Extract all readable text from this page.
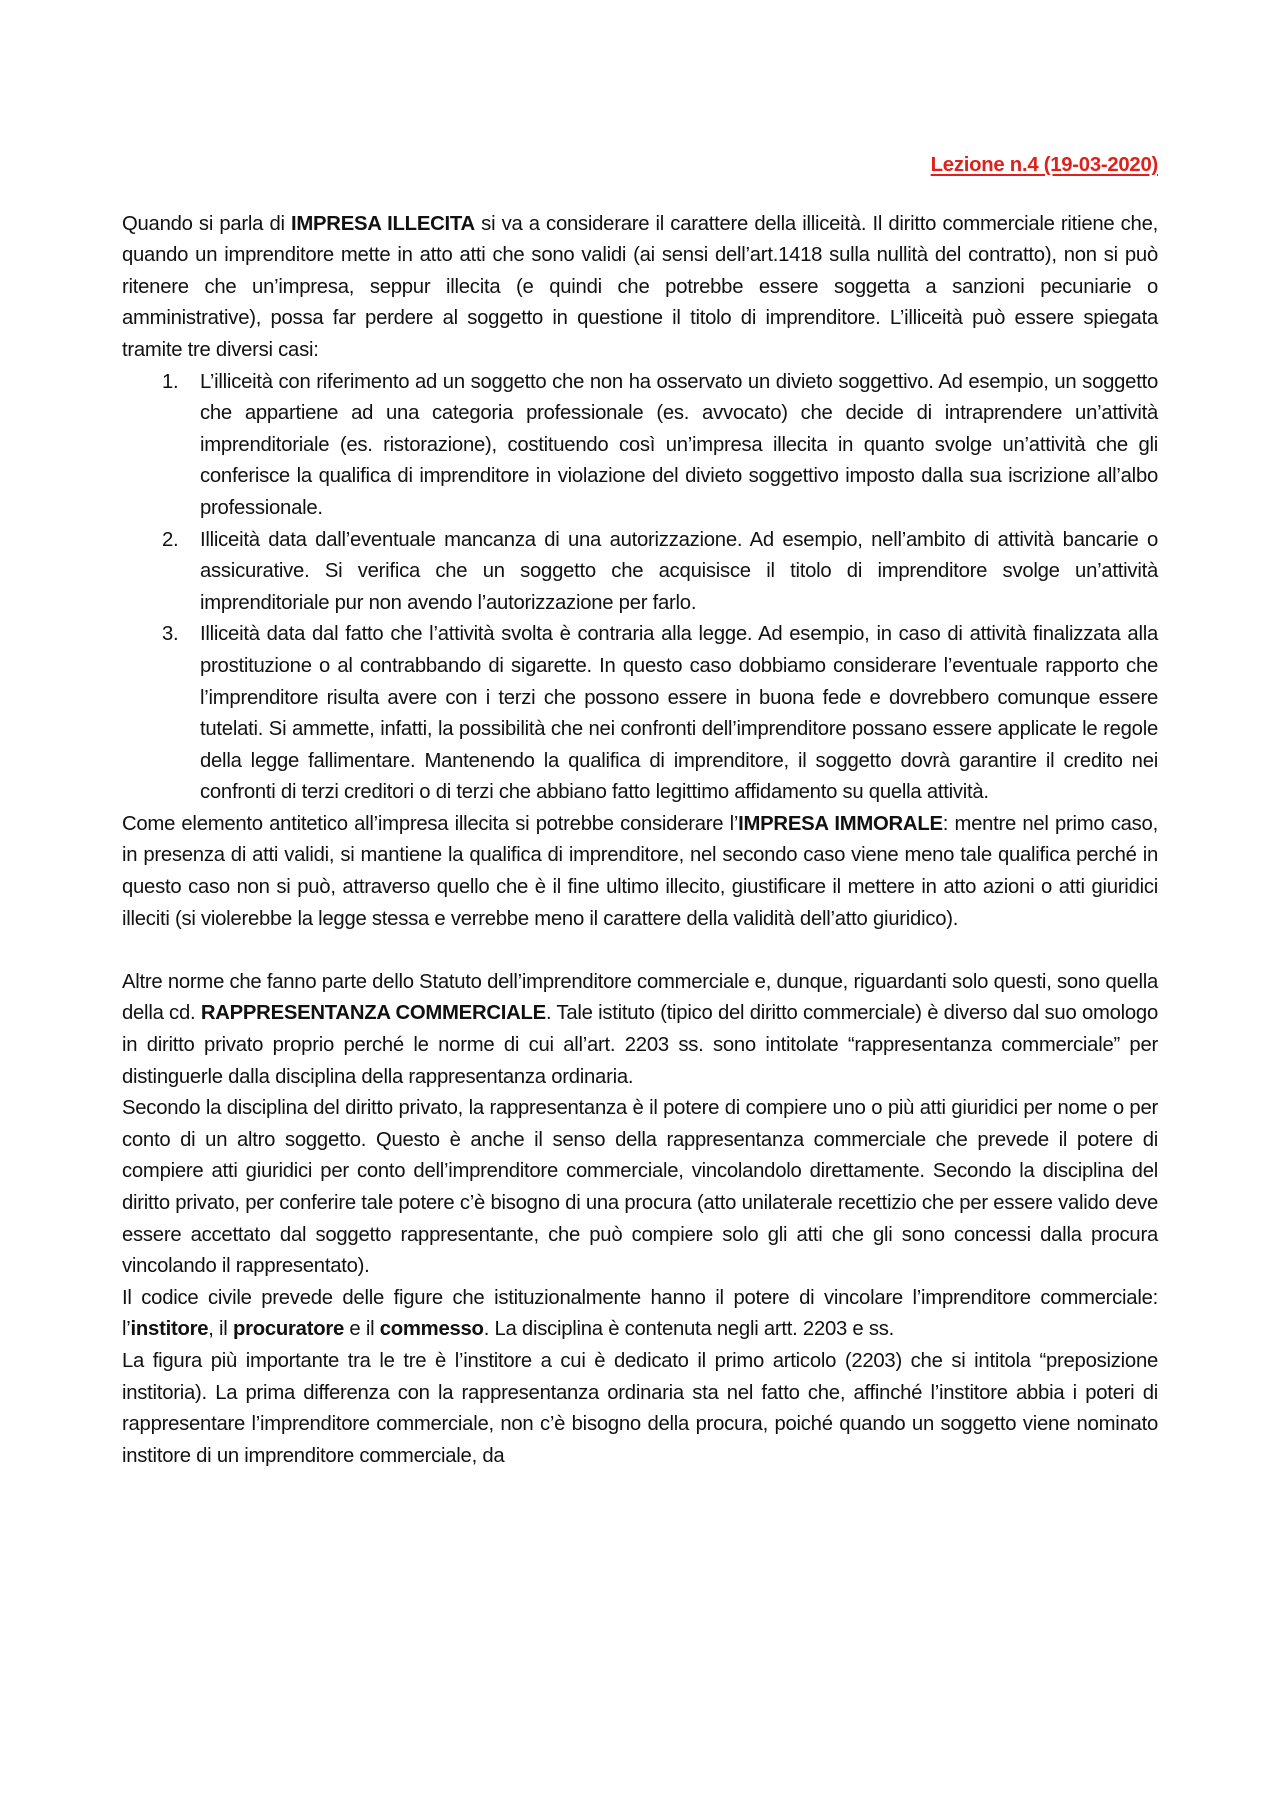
Lezione n.4 (19-03-2020)

Quando si parla di IMPRESA ILLECITA si va a considerare il carattere della illiceità. Il diritto commerciale ritiene che, quando un imprenditore mette in atto atti che sono validi (ai sensi dell’art.1418 sulla nullità del contratto), non si può ritenere che un’impresa, seppur illecita (e quindi che potrebbe essere soggetta a sanzioni pecuniarie o amministrative), possa far perdere al soggetto in questione il titolo di imprenditore. L’illiceità può essere spiegata tramite tre diversi casi:

1. L’illiceità con riferimento ad un soggetto che non ha osservato un divieto soggettivo. Ad esempio, un soggetto che appartiene ad una categoria professionale (es. avvocato) che decide di intraprendere un’attività imprenditoriale (es. ristorazione), costituendo così un’impresa illecita in quanto svolge un’attività che gli conferisce la qualifica di imprenditore in violazione del divieto soggettivo imposto dalla sua iscrizione all’albo professionale.
2. Illiceità data dall’eventuale mancanza di una autorizzazione. Ad esempio, nell’ambito di attività bancarie o assicurative. Si verifica che un soggetto che acquisisce il titolo di imprenditore svolge un’attività imprenditoriale pur non avendo l’autorizzazione per farlo.
3. Illiceità data dal fatto che l’attività svolta è contraria alla legge. Ad esempio, in caso di attività finalizzata alla prostituzione o al contrabbando di sigarette. In questo caso dobbiamo considerare l’eventuale rapporto che l’imprenditore risulta avere con i terzi che possono essere in buona fede e dovrebbero comunque essere tutelati. Si ammette, infatti, la possibilità che nei confronti dell’imprenditore possano essere applicate le regole della legge fallimentare. Mantenendo la qualifica di imprenditore, il soggetto dovrà garantire il credito nei confronti di terzi creditori o di terzi che abbiano fatto legittimo affidamento su quella attività.

Come elemento antitetico all’impresa illecita si potrebbe considerare l’IMPRESA IMMORALE: mentre nel primo caso, in presenza di atti validi, si mantiene la qualifica di imprenditore, nel secondo caso viene meno tale qualifica perché in questo caso non si può, attraverso quello che è il fine ultimo illecito, giustificare il mettere in atto azioni o atti giuridici illeciti (si violerebbe la legge stessa e verrebbe meno il carattere della validità dell’atto giuridico).

Altre norme che fanno parte dello Statuto dell’imprenditore commerciale e, dunque, riguardanti solo questi, sono quella della cd. RAPPRESENTANZA COMMERCIALE. Tale istituto (tipico del diritto commerciale) è diverso dal suo omologo in diritto privato proprio perché le norme di cui all’art. 2203 ss. sono intitolate “rappresentanza commerciale” per distinguerle dalla disciplina della rappresentanza ordinaria.

Secondo la disciplina del diritto privato, la rappresentanza è il potere di compiere uno o più atti giuridici per nome o per conto di un altro soggetto. Questo è anche il senso della rappresentanza commerciale che prevede il potere di compiere atti giuridici per conto dell’imprenditore commerciale, vincolandolo direttamente. Secondo la disciplina del diritto privato, per conferire tale potere c’è bisogno di una procura (atto unilaterale recettizio che per essere valido deve essere accettato dal soggetto rappresentante, che può compiere solo gli atti che gli sono concessi dalla procura vincolando il rappresentato).

Il codice civile prevede delle figure che istituzionalmente hanno il potere di vincolare l’imprenditore commerciale: l’institore, il procuratore e il commesso. La disciplina è contenuta negli artt. 2203 e ss.

La figura più importante tra le tre è l’institore a cui è dedicato il primo articolo (2203) che si intitola “preposizione institoria). La prima differenza con la rappresentanza ordinaria sta nel fatto che, affinché l’institore abbia i poteri di rappresentare l’imprenditore commerciale, non c’è bisogno della procura, poiché quando un soggetto viene nominato institore di un imprenditore commerciale, da
